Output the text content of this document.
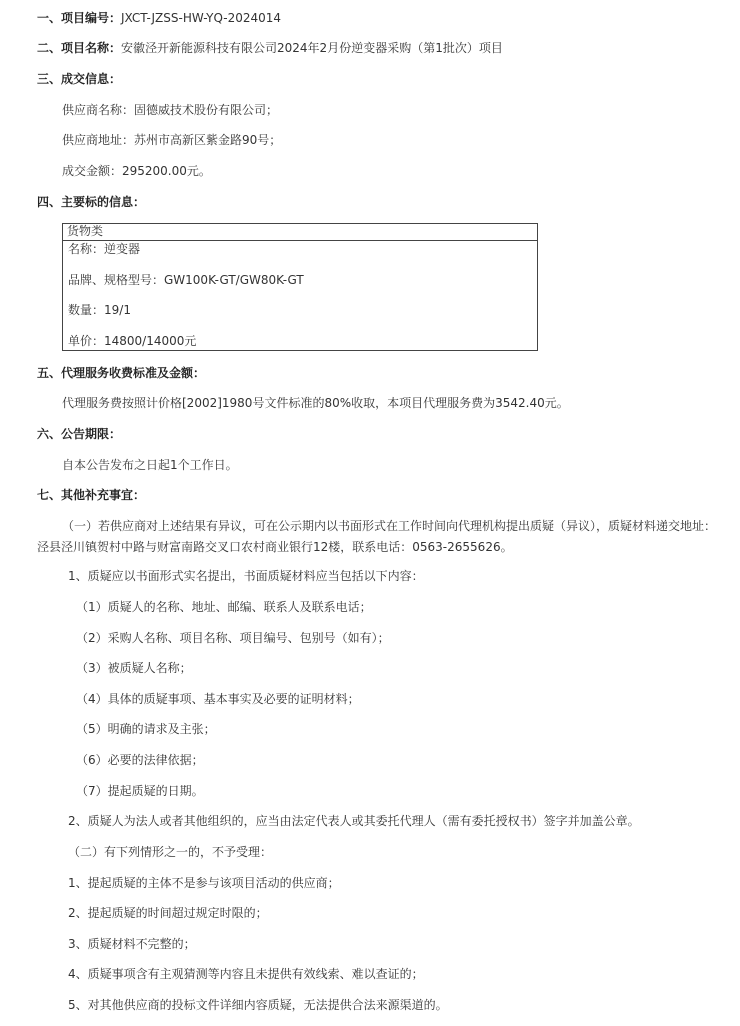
一、项目编号：JXCT-JZSS-HW-YQ-2024014
二、项目名称：安徽泾开新能源科技有限公司2024年2月份逆变器采购（第1批次）项目
三、成交信息：
供应商名称：固德威技术股份有限公司；
供应商地址：苏州市高新区紫金路90号；
成交金额：295200.00元。
四、主要标的信息：
货物类
名称：逆变器
品牌、规格型号：GW100K-GT/GW80K-GT
数量：19/1
单价：14800/14000元
五、代理服务收费标准及金额：
代理服务费按照计价格[2002]1980号文件标准的80%收取，本项目代理服务费为3542.40元。
六、公告期限：
自本公告发布之日起1个工作日。
七、其他补充事宜：
（一）若供应商对上述结果有异议，可在公示期内以书面形式在工作时间向代理机构提出质疑（异议），质疑材料递交地址：泾县泾川镇贺村中路与财富南路交叉口农村商业银行12楼，联系电话：0563-2655626。
1、质疑应以书面形式实名提出，书面质疑材料应当包括以下内容：
（1）质疑人的名称、地址、邮编、联系人及联系电话；
（2）采购人名称、项目名称、项目编号、包别号（如有）；
（3）被质疑人名称；
（4）具体的质疑事项、基本事实及必要的证明材料；
（5）明确的请求及主张；
（6）必要的法律依据；
（7）提起质疑的日期。
2、质疑人为法人或者其他组织的，应当由法定代表人或其委托代理人（需有委托授权书）签字并加盖公章。
（二）有下列情形之一的，不予受理：
1、提起质疑的主体不是参与该项目活动的供应商；
2、提起质疑的时间超过规定时限的；
3、质疑材料不完整的；
4、质疑事项含有主观猜测等内容且未提供有效线索、难以查证的；
5、对其他供应商的投标文件详细内容质疑，无法提供合法来源渠道的。
